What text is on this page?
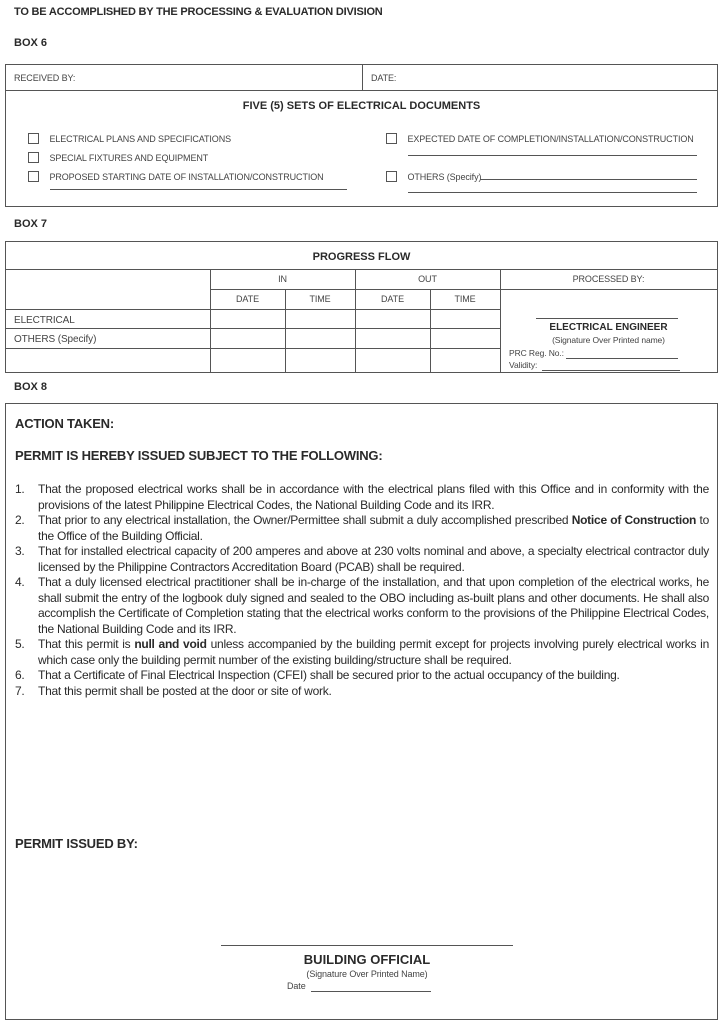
TO BE ACCOMPLISHED BY THE PROCESSING & EVALUATION DIVISION
BOX 6
RECEIVED BY:	DATE:
FIVE (5) SETS OF ELECTRICAL DOCUMENTS
ELECTRICAL PLANS AND SPECIFICATIONS
SPECIAL FIXTURES AND EQUIPMENT
PROPOSED STARTING DATE OF INSTALLATION/CONSTRUCTION
EXPECTED DATE OF COMPLETION/INSTALLATION/CONSTRUCTION
OTHERS (Specify)
BOX 7
PROGRESS FLOW
IN	OUT	PROCESSED BY:
DATE	TIME	DATE	TIME
ELECTRICAL
OTHERS (Specify)
ELECTRICAL ENGINEER
(Signature Over Printed name)
PRC Reg. No.:
Validity:
BOX 8
ACTION TAKEN:
PERMIT IS HEREBY ISSUED SUBJECT TO THE FOLLOWING:
1. That the proposed electrical works shall be in accordance with the electrical plans filed with this Office and in conformity with the provisions of the latest Philippine Electrical Codes, the National Building Code and its IRR.
2. That prior to any electrical installation, the Owner/Permittee shall submit a duly accomplished prescribed Notice of Construction to the Office of the Building Official.
3. That for installed electrical capacity of 200 amperes and above at 230 volts nominal and above, a specialty electrical contractor duly licensed by the Philippine Contractors Accreditation Board (PCAB) shall be required.
4. That a duly licensed electrical practitioner shall be in-charge of the installation, and that upon completion of the electrical works, he shall submit the entry of the logbook duly signed and sealed to the OBO including as-built plans and other documents. He shall also accomplish the Certificate of Completion stating that the electrical works conform to the provisions of the Philippine Electrical Codes, the National Building Code and its IRR.
5. That this permit is null and void unless accompanied by the building permit except for projects involving purely electrical works in which case only the building permit number of the existing building/structure shall be required.
6. That a Certificate of Final Electrical Inspection (CFEI) shall be secured prior to the actual occupancy of the building.
7. That this permit shall be posted at the door or site of work.
PERMIT ISSUED BY:
BUILDING OFFICIAL
(Signature Over Printed Name)
Date
